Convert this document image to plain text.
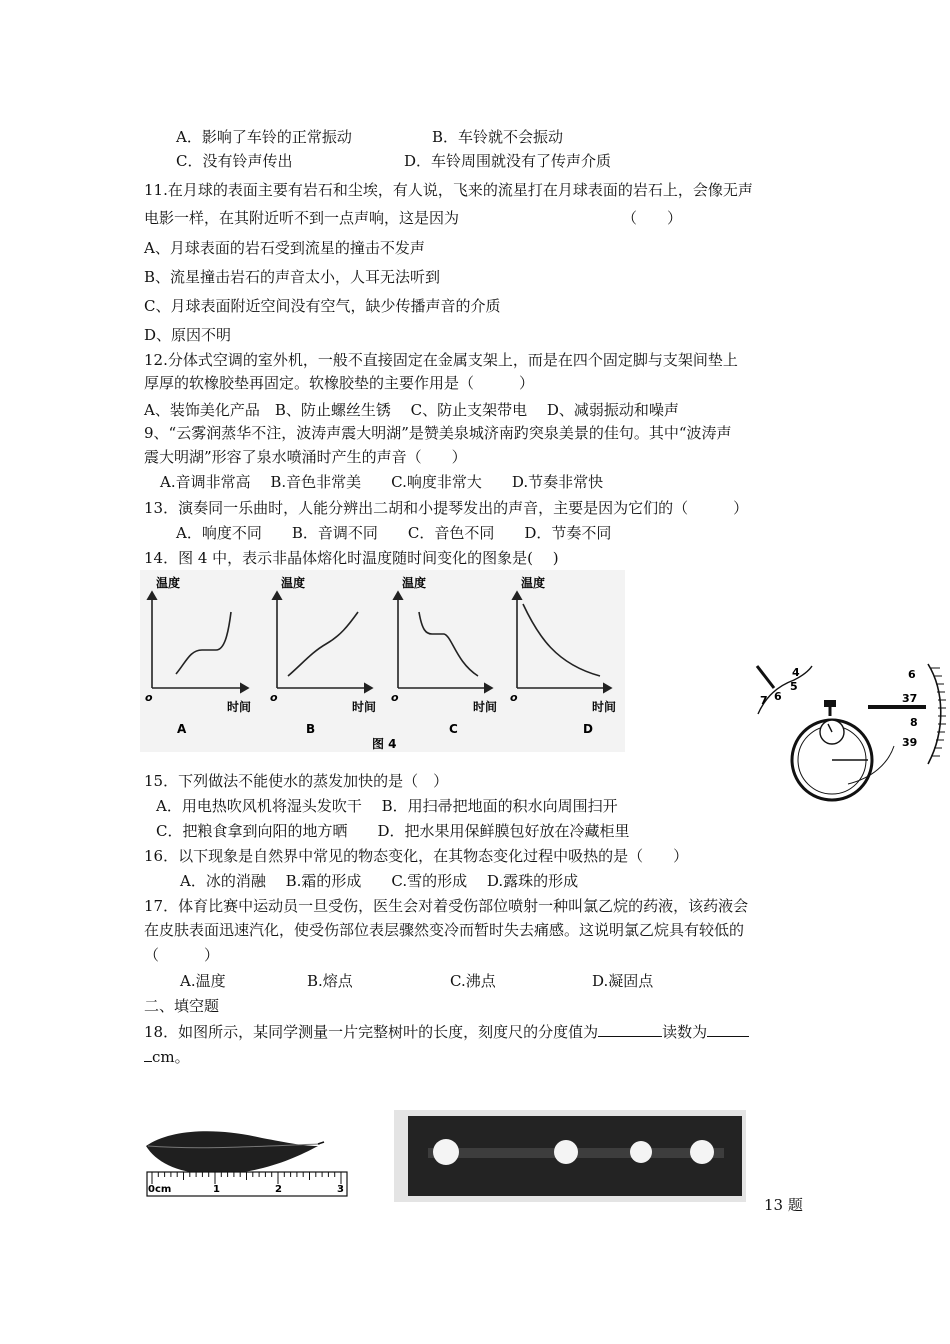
A．影响了车铃的正常振动	B．车铃就不会振动
C．没有铃声传出	D．车铃周围就没有了传声介质
11.在月球的表面主要有岩石和尘埃，有人说，飞来的流星打在月球表面的岩石上，会像无声
电影一样，在其附近听不到一点声响，这是因为	（　　）
A、月球表面的岩石受到流星的撞击不发声
B、流星撞击岩石的声音太小，人耳无法听到
C、月球表面附近空间没有空气，缺少传播声音的介质
D、原因不明
12.分体式空调的室外机，一般不直接固定在金属支架上，而是在四个固定脚与支架间垫上
厚厚的软橡胶垫再固定。软橡胶垫的主要作用是（　　　）
A、装饰美化产品　B、防止螺丝生锈　 C、防止支架带电　 D、减弱振动和噪声
9、“云雾润蒸华不注，波涛声震大明湖”是赞美泉城济南趵突泉美景的佳句。其中“波涛声
震大明湖”形容了泉水喷涌时产生的声音（　　）
A.音调非常高　 B.音色非常美　　C.响度非常大　　D.节奏非常快
13．演奏同一乐曲时，人能分辨出二胡和小提琴发出的声音，主要是因为它们的（　　　）
A．响度不同　　B．音调不同　　C．音色不同　　D．节奏不同
14．图 4 中，表示非晶体熔化时温度随时间变化的图象是(　 )
温度
o
时间
A
温度
o
时间
B
温度
o
时间
C
温度
o
时间
D
图 4
4
5
6
7
6
37
8
39
15．下列做法不能使水的蒸发加快的是（　）
A．用电热吹风机将湿头发吹干　 B．用扫帚把地面的积水向周围扫开
C．把粮食拿到向阳的地方晒　　D．把水果用保鲜膜包好放在冷藏柜里
16．以下现象是自然界中常见的物态变化，在其物态变化过程中吸热的是（　　）
A．冰的消融　 B.霜的形成　　C.雪的形成　 D.露珠的形成
17．体育比赛中运动员一旦受伤，医生会对着受伤部位喷射一种叫氯乙烷的药液，该药液会
在皮肤表面迅速汽化，使受伤部位表层骤然变冷而暂时失去痛感。这说明氯乙烷具有较低的
（　　　）
A.温度	B.熔点	C.沸点	D.凝固点
二、填空题
18．如图所示，某同学测量一片完整树叶的长度，刻度尺的分度值为	读数为
cm。
0cm	1	2	3
13 题
